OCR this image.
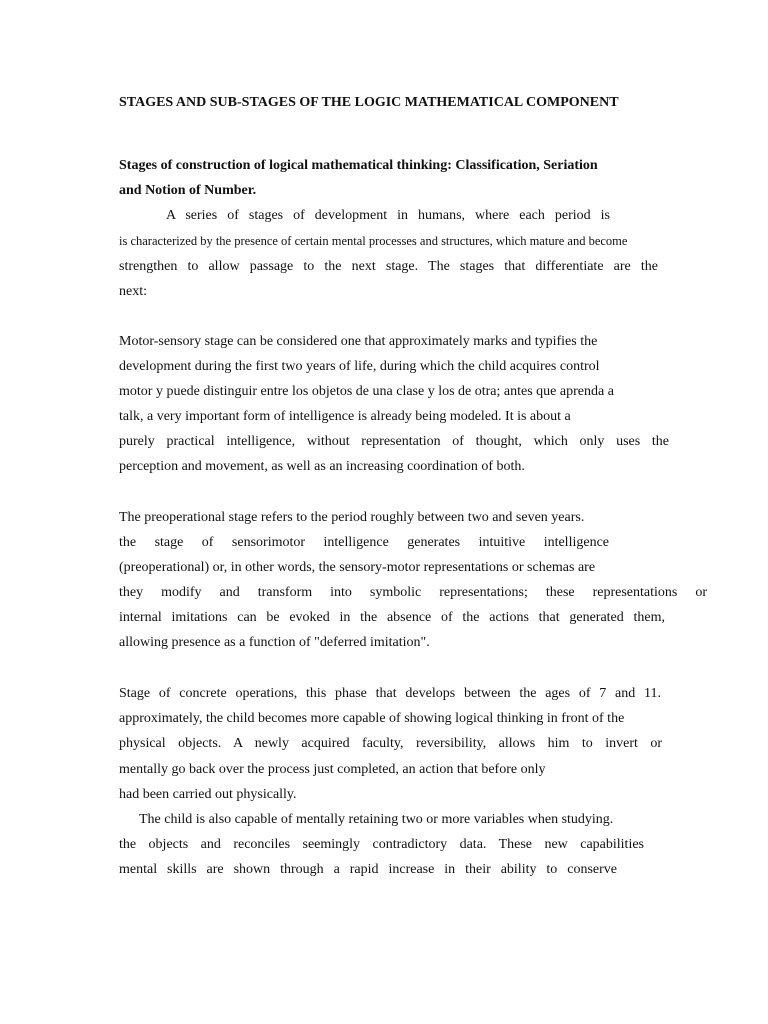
STAGES AND SUB-STAGES OF THE LOGIC MATHEMATICAL COMPONENT
Stages of construction of logical mathematical thinking: Classification, Seriation
and Notion of Number.
A series of stages of development in humans, where each period is
is characterized by the presence of certain mental processes and structures, which mature and become
strengthen to allow passage to the next stage. The stages that differentiate are the
next:
Motor-sensory stage can be considered one that approximately marks and typifies the
development during the first two years of life, during which the child acquires control
motor y puede distinguir entre los objetos de una clase y los de otra; antes que aprenda a
talk, a very important form of intelligence is already being modeled. It is about a
purely practical intelligence, without representation of thought, which only uses the
perception and movement, as well as an increasing coordination of both.
The preoperational stage refers to the period roughly between two and seven years.
the stage of sensorimotor intelligence generates intuitive intelligence
(preoperational) or, in other words, the sensory-motor representations or schemas are
they modify and transform into symbolic representations; these representations or
internal imitations can be evoked in the absence of the actions that generated them,
allowing presence as a function of "deferred imitation".
Stage of concrete operations, this phase that develops between the ages of 7 and 11.
approximately, the child becomes more capable of showing logical thinking in front of the
physical objects. A newly acquired faculty, reversibility, allows him to invert or
mentally go back over the process just completed, an action that before only
had been carried out physically.
The child is also capable of mentally retaining two or more variables when studying.
the objects and reconciles seemingly contradictory data. These new capabilities
mental skills are shown through a rapid increase in their ability to conserve
